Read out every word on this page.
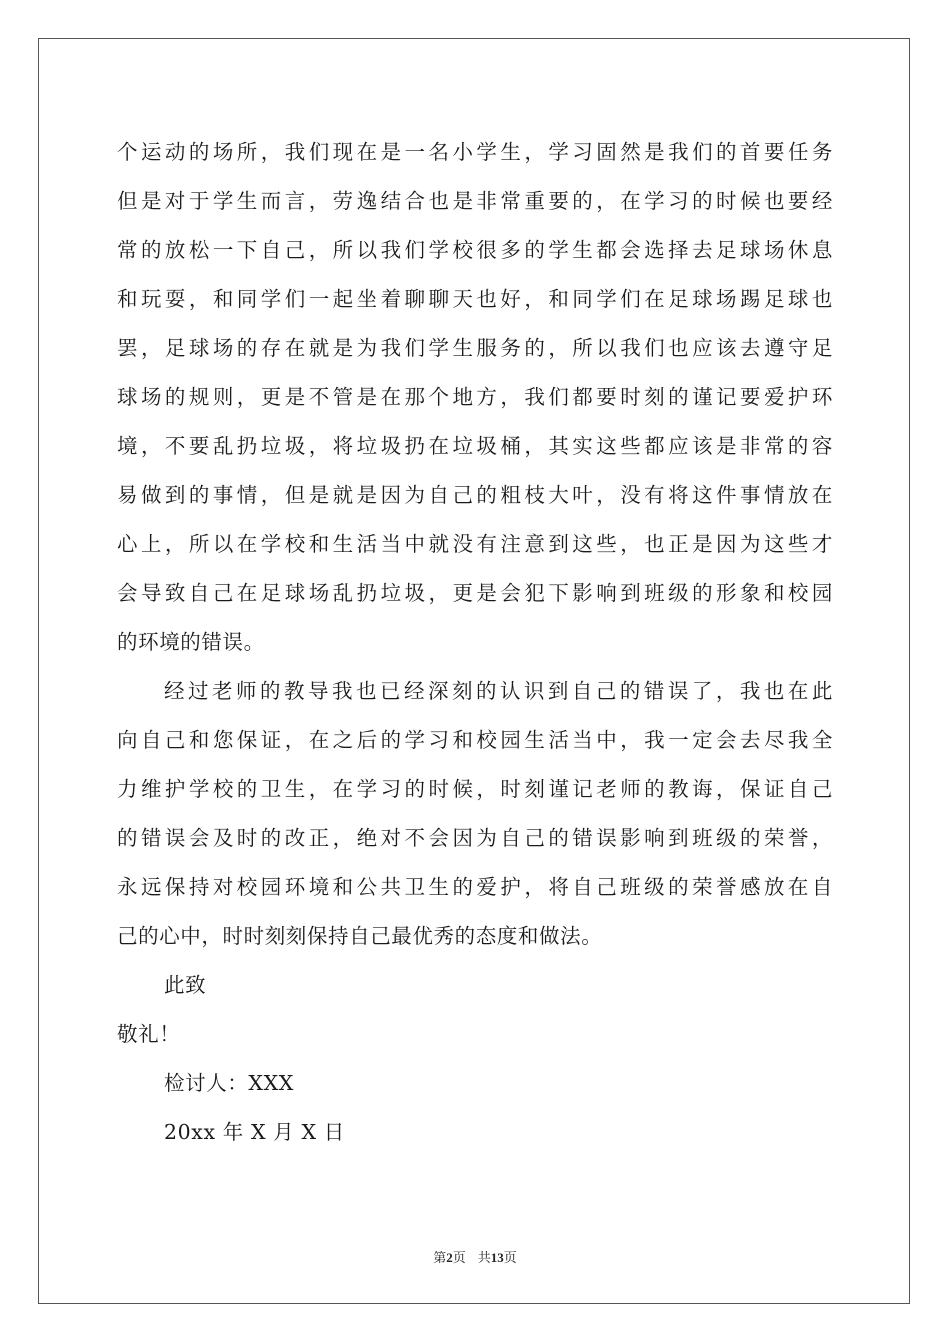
个运动的场所，我们现在是一名小学生，学习固然是我们的首要任务
但是对于学生而言，劳逸结合也是非常重要的，在学习的时候也要经
常的放松一下自己，所以我们学校很多的学生都会选择去足球场休息
和玩耍，和同学们一起坐着聊聊天也好，和同学们在足球场踢足球也
罢，足球场的存在就是为我们学生服务的，所以我们也应该去遵守足
球场的规则，更是不管是在那个地方，我们都要时刻的谨记要爱护环
境，不要乱扔垃圾，将垃圾扔在垃圾桶，其实这些都应该是非常的容
易做到的事情，但是就是因为自己的粗枝大叶，没有将这件事情放在
心上，所以在学校和生活当中就没有注意到这些，也正是因为这些才
会导致自己在足球场乱扔垃圾，更是会犯下影响到班级的形象和校园
的环境的错误。
经过老师的教导我也已经深刻的认识到自己的错误了，我也在此
向自己和您保证，在之后的学习和校园生活当中，我一定会去尽我全
力维护学校的卫生，在学习的时候，时刻谨记老师的教诲，保证自己
的错误会及时的改正，绝对不会因为自己的错误影响到班级的荣誉，
永远保持对校园环境和公共卫生的爱护，将自己班级的荣誉感放在自
己的心中，时时刻刻保持自己最优秀的态度和做法。
此致
敬礼！
检讨人：XXX
20xx 年 X 月 X 日
第2页 共13页
